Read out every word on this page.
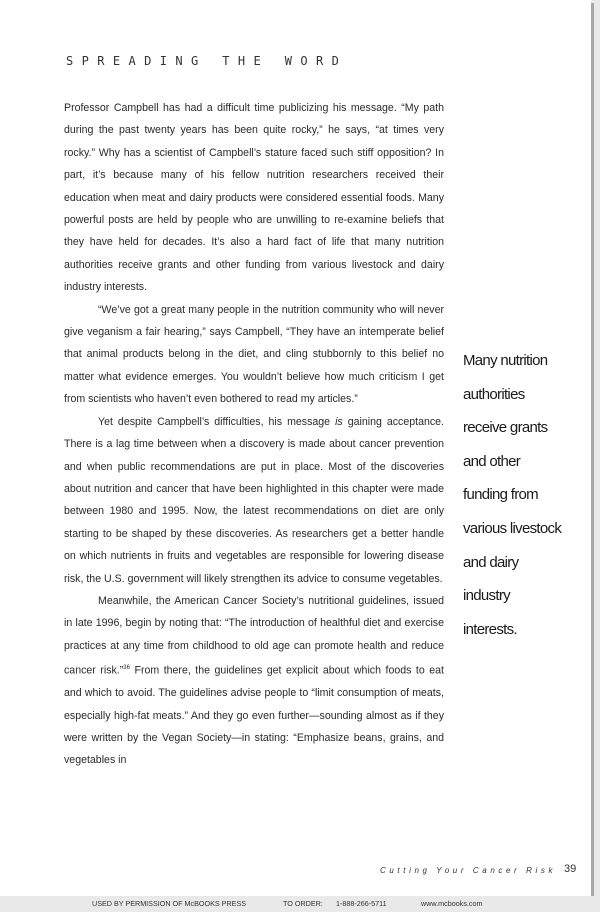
SPREADING THE WORD

Professor Campbell has had a difficult time publicizing his message. “My path during the past twenty years has been quite rocky,” he says, “at times very rocky.” Why has a scientist of Campbell’s stature faced such stiff opposition? In part, it’s because many of his fellow nutrition researchers received their education when meat and dairy products were considered essential foods. Many powerful posts are held by people who are unwilling to re-examine beliefs that they have held for decades. It’s also a hard fact of life that many nutrition authorities receive grants and other funding from various livestock and dairy industry interests.

“We’ve got a great many people in the nutrition community who will never give veganism a fair hearing,” says Campbell, “They have an intemperate belief that animal products belong in the diet, and cling stubbornly to this belief no matter what evidence emerges. You wouldn’t believe how much criticism I get from scientists who haven’t even bothered to read my articles.”

Yet despite Campbell’s difficulties, his message is gaining acceptance. There is a lag time between when a discovery is made about cancer prevention and when public recommendations are put in place. Most of the discoveries about nutrition and cancer that have been highlighted in this chapter were made between 1980 and 1995. Now, the latest recommendations on diet are only starting to be shaped by these discoveries. As researchers get a better handle on which nutrients in fruits and vegetables are responsible for lowering disease risk, the U.S. government will likely strengthen its advice to consume vegetables.

Meanwhile, the American Cancer Society’s nutritional guidelines, issued in late 1996, begin by noting that: “The introduction of healthful diet and exercise practices at any time from childhood to old age can promote health and reduce cancer risk.”$^{36}$ From there, the guidelines get explicit about which foods to eat and which to avoid. The guidelines advise people to “limit consumption of meats, especially high-fat meats.” And they go even further—sounding almost as if they were written by the Vegan Society—in stating: “Emphasize beans, grains, and vegetables in

Many nutrition authorities receive grants and other funding from various livestock and dairy industry interests.
Cutting Your Cancer Risk 39
USED BY PERMISSION OF McBOOKS PRESS	TO ORDER: 1-888-266-5711	www.mcbooks.com
